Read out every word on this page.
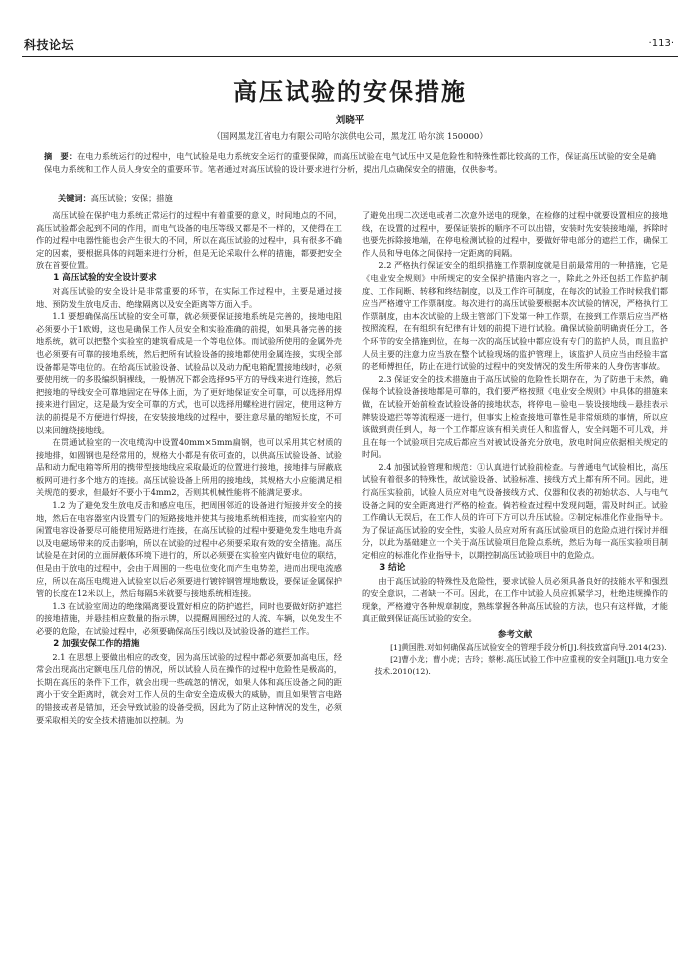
科技论坛	·113·
高压试验的安保措施
刘晓平
（国网黑龙江省电力有限公司哈尔滨供电公司，黑龙江 哈尔滨 150000）
摘　要：在电力系统运行的过程中，电气试验是电力系统安全运行的重要保障，而高压试验在电气试压中又是危险性和特殊性都比较高的工作，保证高压试验的安全是确保电力系统和工作人员人身安全的重要环节。笔者通过对高压试验的设计要求进行分析，提出几点确保安全的措施，仅供参考。
关键词：高压试验；安保；措施

高压试验在保护电力系统正常运行的过程中有着重要的意义，时间地点的不同，高压试验都会起到不同的作用，而电气设备的电压等级又都是不一样的，又使得在工作的过程中电器性能也会产生很大的不同，所以在高压试验的过程中，具有很多不确定的因素，要根据具体的问题来进行分析，但是无论采取什么样的措施，都要把安全放在首要位置。

1 高压试验的安全设计要求

对高压试验的安全设计是非常重要的环节，在实际工作过程中，主要是通过接地、预防发生放电反击、绝缘隔离以及安全距离等方面入手。

1.1 要想确保高压试验的安全可靠，就必须要保证接地系统是完善的，接地电阻必须要小于1欧姆，这也是确保工作人员安全和实验准确的前提，如果具备完善的接地系统，就可以把整个实验室的建筑看成是一个等电位体。而试验所使用的金属外壳也必须要有可靠的接地系统，然后把所有试验设备的接地都使用金属连接，实现全部设备都是等电位的。在给高压试验设备、试验品以及动力配电箱配置接地线时，必须要使用统一的多股编织铜裸线，一般情况下都会选择95平方的导线来进行连接，然后把接地的导线安全可靠地固定在导体上面，为了更好地保证安全可靠，可以选择用焊接来进行固定，这是最为安全可靠的方式，也可以选择用螺栓进行固定，使用这种方法的前提是不方便进行焊接，在安装接地线的过程中，要注意尽量的缩短长度，不可以来回缠绕接地线。

在贯通试验室的一次电缆沟中设置40mm×5mm扁钢，也可以采用其它材质的接地排，如圆钢也是经常用的，规格大小都是有依可查的，以供高压试验设备、试验品和动力配电箱等所用的携带型接地线应采取最近的位置进行接地，接地排与屏蔽底板网可进行多个地方的连接。高压试验设备上所用的接地线，其规格大小应能满足相关规范的要求，但最好不要小于4mm2，否则其机械性能将不能满足要求。

1.2 为了避免发生放电反击和感应电压，把周围邻近的设备进行短接并安全的接地，然后在电容器室内设置专门的短路接地并使其与接地系统相连接，而实验室内的闲置电容设备要尽可能使用短路进行连接，在高压试验的过程中要避免发生地电升高以及电磁场带来的反击影响，所以在试验的过程中必须要采取有效的安全措施。高压试验是在封闭的立面屏蔽体环境下进行的，所以必须要在实验室内做好电位的联结，但是由于放电的过程中，会由于周围的一些电位变化而产生电势差，进而出现电流感应，所以在高压电缆进入试验室以后必须要进行镀锌钢管埋地敷设，要保证金属保护管的长度在12米以上，然后每隔5米就要与接地系统相连接。

1.3 在试验室周边的绝缘隔离要设置好相应的防护遮拦，同时也要做好防护遮拦的接地措施，并悬挂相应数量的指示牌，以提醒周围经过的人流、车辆，以免发生不必要的危险，在试验过程中，必须要确保高压引线以及试验设备的遮拦工作。

2 加强安保工作的措施

2.1 在思想上要做出相应的改变，因为高压试验的过程中都必须要加高电压，经常会出现高出定额电压几倍的情况，所以试验人员在操作的过程中危险性是极高的，长期在高压的条件下工作，就会出现一些疏忽的情况，如果人体和高压设备之间的距离小于安全距离时，就会对工作人员的生命安全造成极大的威胁，而且如果管言电路的错接或者是错加，还会导致试验的设备受损，因此为了防止这种情况的发生，必须要采取相关的安全技术措施加以控制。为

了避免出现二次送电或者二次意外送电的现象，在检修的过程中就要设置相应的接地线，在设置的过程中，要保证装拆的顺序不可以出错，安装时先安装接地端，拆除时也要先拆除接地端，在停电检测试验的过程中，要做好带电部分的遮拦工作，确保工作人员和导电体之间保持一定距离的间隔。

2.2 严格执行保证安全的组织措施工作票制度就是目前最常用的一种措施，它是《电业安全规则》中所规定的安全保护措施内容之一，除此之外还包括工作监护制度、工作间断、转移和终结制度，以及工作许可制度，在每次的试验工作时候我们都应当严格遵守工作票制度。每次进行的高压试验要根据本次试验的情况，严格执行工作票制度，由本次试验的上级主管部门下发第一种工作票，在接到工作票后应当严格按照流程，在有组织有纪律有计划的前提下进行试验。确保试验前明确责任分工，各个环节的安全措施到位，在每一次的高压试验中都应设有专门的监护人员，而且监护人员主要的注意力应当放在整个试验现场的监护管理上，该监护人员应当由经验丰富的老师傅担任，防止在进行试验的过程中的突发情况的发生所带来的人身伤害事故。

2.3 保证安全的技术措施由于高压试验的危险性长期存在，为了防患于未然，确保每个试验设备接地都是可靠的，我们要严格按照《电业安全规则》中具体的措施来做，在试验开始前检查试验设备的接地状态，将停电－验电－装设接地线－悬挂表示牌装设遮拦等等流程逐一进行，但事实上检查接地可靠性是非常烦琐的事情，所以应该做到责任到人，每一个工作都应该有相关责任人和监督人，安全问题不可儿戏，并且在每一个试验项目完成后都应当对被试设备充分放电，放电时间应依据相关规定的时间。

2.4 加强试验管理和规范：①认真进行试验前检查。与普通电气试验相比，高压试验有着很多的特殊性，故试验设备、试验标准、接线方式上都有所不同。因此，进行高压实验前，试验人员应对电气设备接线方式、仪器和仪表的初始状态、人与电气设备之间的安全距离进行严格的检查。倘若检查过程中发现问题，需及时纠正。试验工作确认无误后，在工作人员的许可下方可以升压试验。②制定标准化作业指导卡。为了保证高压试验的安全性，实验人员应对所有高压试验项目的危险点进行探讨并细分，以此为基础建立一个关于高压试验项目危险点系统，然后为每一高压实验项目制定相应的标准化作业指导卡，以期控制高压试验项目中的危险点。

3 结论

由于高压试验的特殊性及危险性，要求试验人员必须具备良好的技能水平和强烈的安全意识，二者缺一不可。因此，在工作中试验人员应抓紧学习，杜绝违规操作的现象，严格遵守各种规章制度，熟练掌握各种高压试验的方法，也只有这样做，才能真正做到保证高压试验的安全。

参考文献

[1]黄国胜.对如何确保高压试验安全的管理手段分析[J].科技致富向导.2014(23).

[2]曹小龙；曹小虎；吉玲；蔡彬.高压试验工作中应重视的安全问题[J].电力安全技术.2010(12).
